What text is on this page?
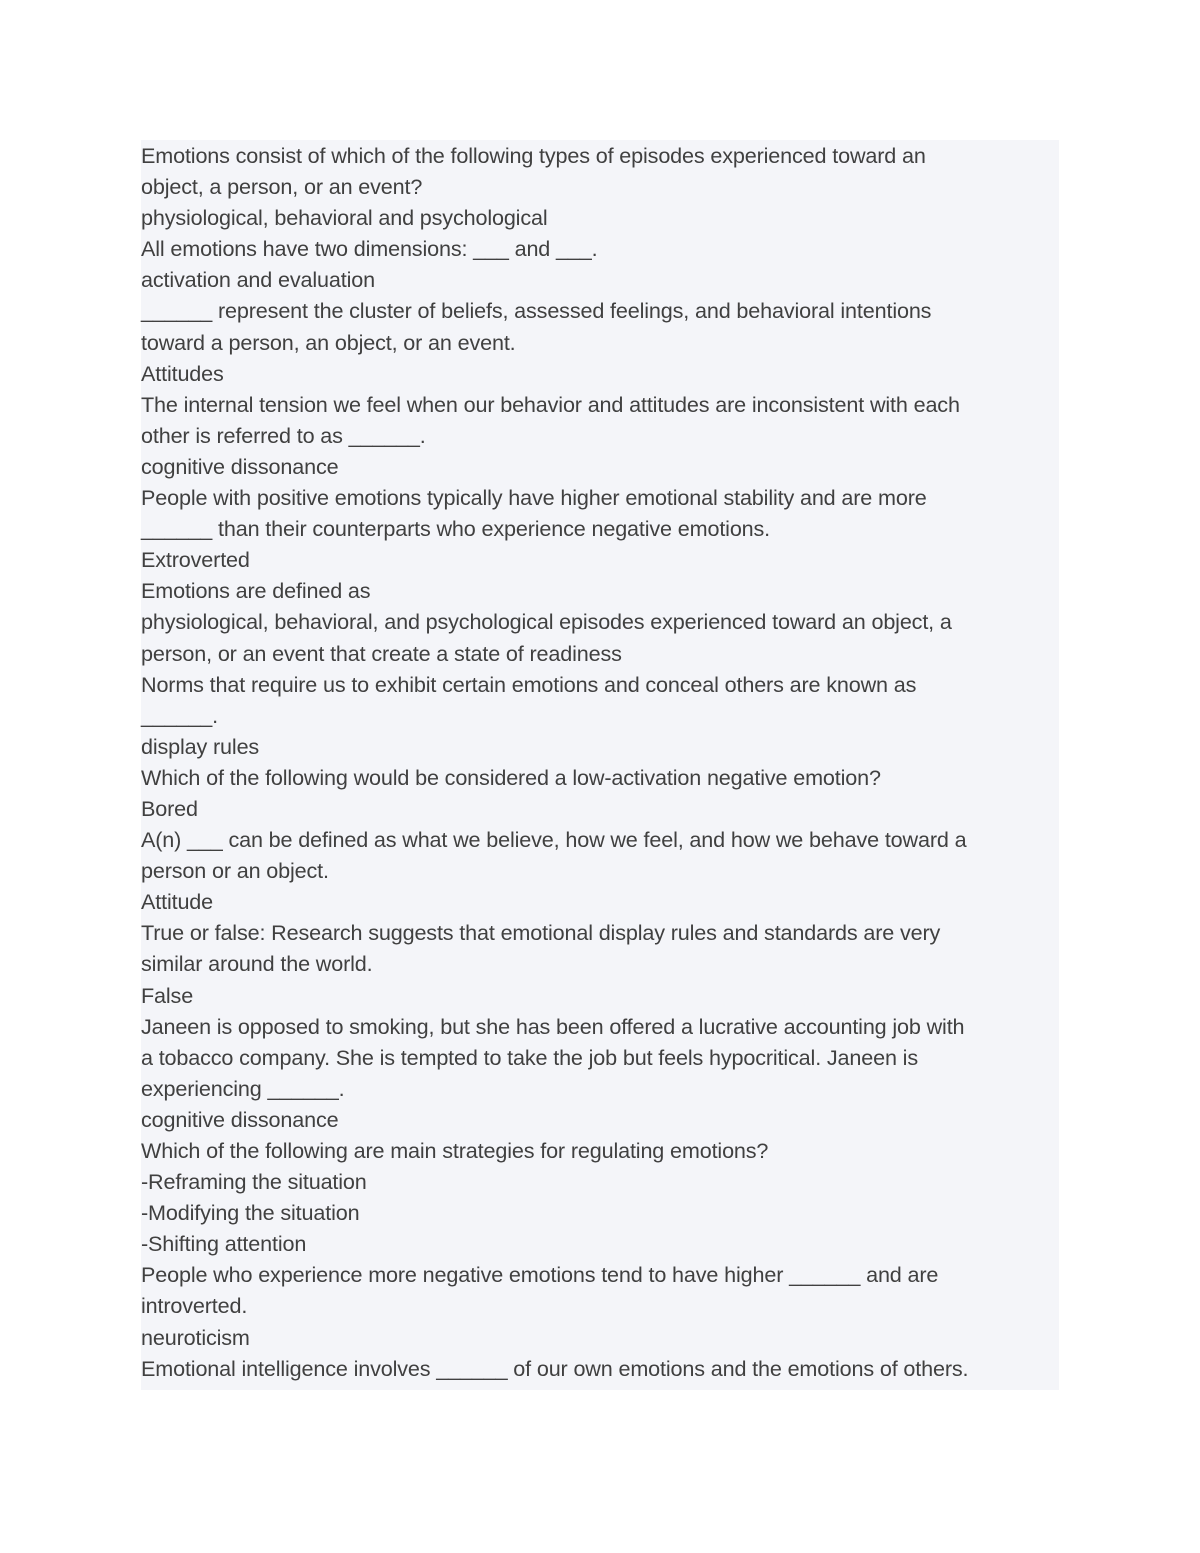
Emotions consist of which of the following types of episodes experienced toward an
object, a person, or an event?
physiological, behavioral and psychological
All emotions have two dimensions: ___ and ___.
activation and evaluation
______ represent the cluster of beliefs, assessed feelings, and behavioral intentions
toward a person, an object, or an event.
Attitudes
The internal tension we feel when our behavior and attitudes are inconsistent with each
other is referred to as ______.
cognitive dissonance
People with positive emotions typically have higher emotional stability and are more
______ than their counterparts who experience negative emotions.
Extroverted
Emotions are defined as
physiological, behavioral, and psychological episodes experienced toward an object, a
person, or an event that create a state of readiness
Norms that require us to exhibit certain emotions and conceal others are known as
______.
display rules
Which of the following would be considered a low-activation negative emotion?
Bored
A(n) ___ can be defined as what we believe, how we feel, and how we behave toward a
person or an object.
Attitude
True or false: Research suggests that emotional display rules and standards are very
similar around the world.
False
Janeen is opposed to smoking, but she has been offered a lucrative accounting job with
a tobacco company. She is tempted to take the job but feels hypocritical. Janeen is
experiencing ______.
cognitive dissonance
Which of the following are main strategies for regulating emotions?
-Reframing the situation
-Modifying the situation
-Shifting attention
People who experience more negative emotions tend to have higher ______ and are
introverted.
neuroticism
Emotional intelligence involves ______ of our own emotions and the emotions of others.
